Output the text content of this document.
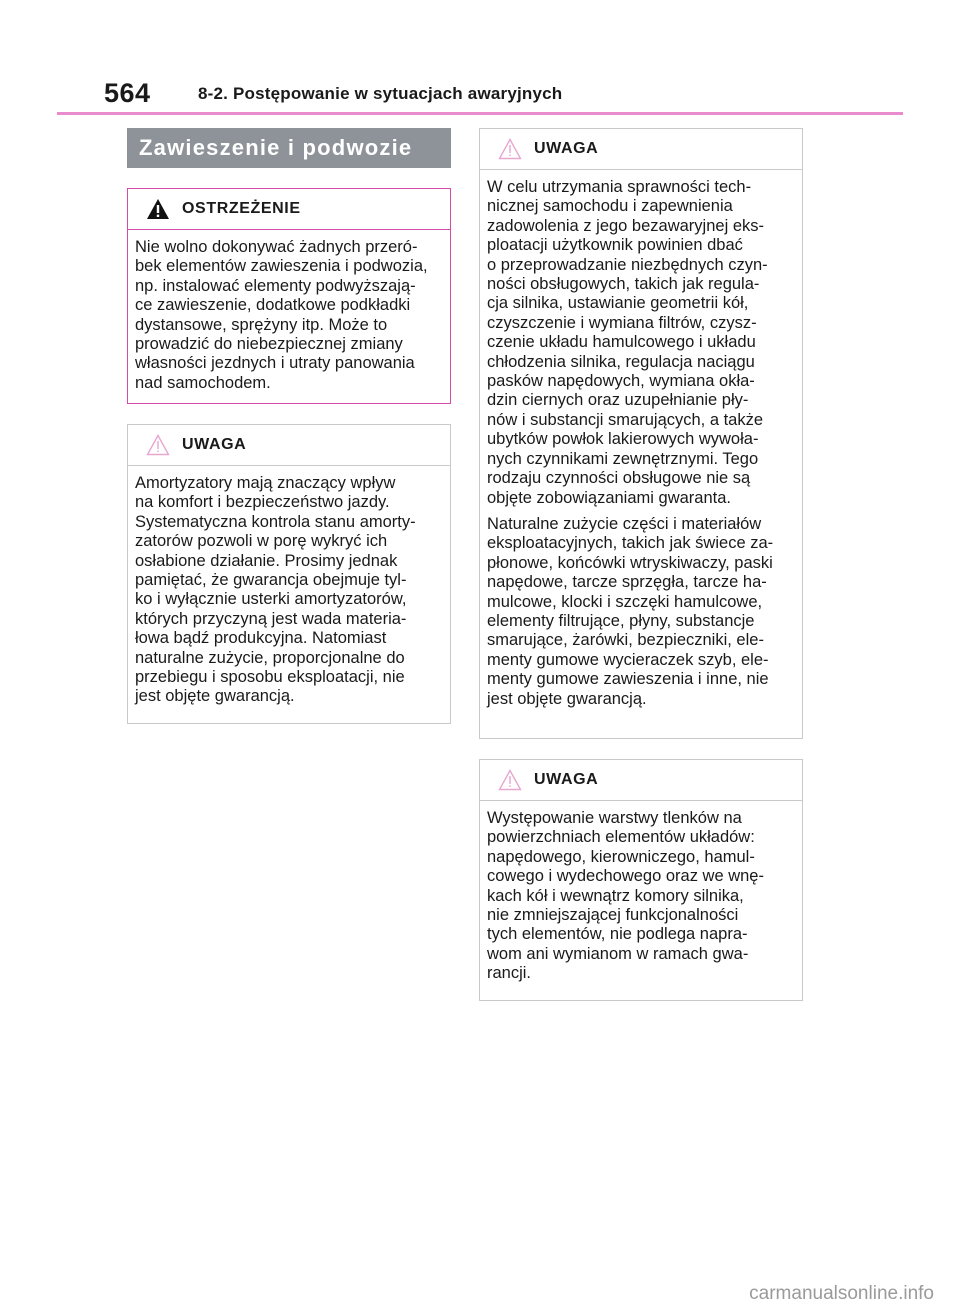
564	8-2. Postępowanie w sytuacjach awaryjnych
Zawieszenie i podwozie
OSTRZEŻENIE

Nie wolno dokonywać żadnych przeró-
bek elementów zawieszenia i podwozia,
np. instalować elementy podwyższają-
ce zawieszenie, dodatkowe podkładki
dystansowe, sprężyny itp. Może to
prowadzić do niebezpiecznej zmiany
własności jezdnych i utraty panowania
nad samochodem.

UWAGA

Amortyzatory mają znaczący wpływ
na komfort i bezpieczeństwo jazdy.
Systematyczna kontrola stanu amorty-
zatorów pozwoli w porę wykryć ich
osłabione działanie. Prosimy jednak
pamiętać, że gwarancja obejmuje tyl-
ko i wyłącznie usterki amortyzatorów,
których przyczyną jest wada materia-
łowa bądź produkcyjna. Natomiast
naturalne zużycie, proporcjonalne do
przebiegu i sposobu eksploatacji, nie
jest objęte gwarancją.

UWAGA

W celu utrzymania sprawności tech-
nicznej samochodu i zapewnienia
zadowolenia z jego bezawaryjnej eks-
ploatacji użytkownik powinien dbać
o przeprowadzanie niezbędnych czyn-
ności obsługowych, takich jak regula-
cja silnika, ustawianie geometrii kół,
czyszczenie i wymiana filtrów, czysz-
czenie układu hamulcowego i układu
chłodzenia silnika, regulacja naciągu
pasków napędowych, wymiana okła-
dzin ciernych oraz uzupełnianie pły-
nów i substancji smarujących, a także
ubytków powłok lakierowych wywoła-
nych czynnikami zewnętrznymi. Tego
rodzaju czynności obsługowe nie są
objęte zobowiązaniami gwaranta.

Naturalne zużycie części i materiałów
eksploatacyjnych, takich jak świece za-
płonowe, końcówki wtryskiwaczy, paski
napędowe, tarcze sprzęgła, tarcze ha-
mulcowe, klocki i szczęki hamulcowe,
elementy filtrujące, płyny, substancje
smarujące, żarówki, bezpieczniki, ele-
menty gumowe wycieraczek szyb, ele-
menty gumowe zawieszenia i inne, nie
jest objęte gwarancją.

UWAGA

Występowanie warstwy tlenków na
powierzchniach elementów układów:
napędowego, kierowniczego, hamul-
cowego i wydechowego oraz we wnę-
kach kół i wewnątrz komory silnika,
nie zmniejszającej funkcjonalności
tych elementów, nie podlega napra-
wom ani wymianom w ramach gwa-
rancji.

carmanualsonline.info
